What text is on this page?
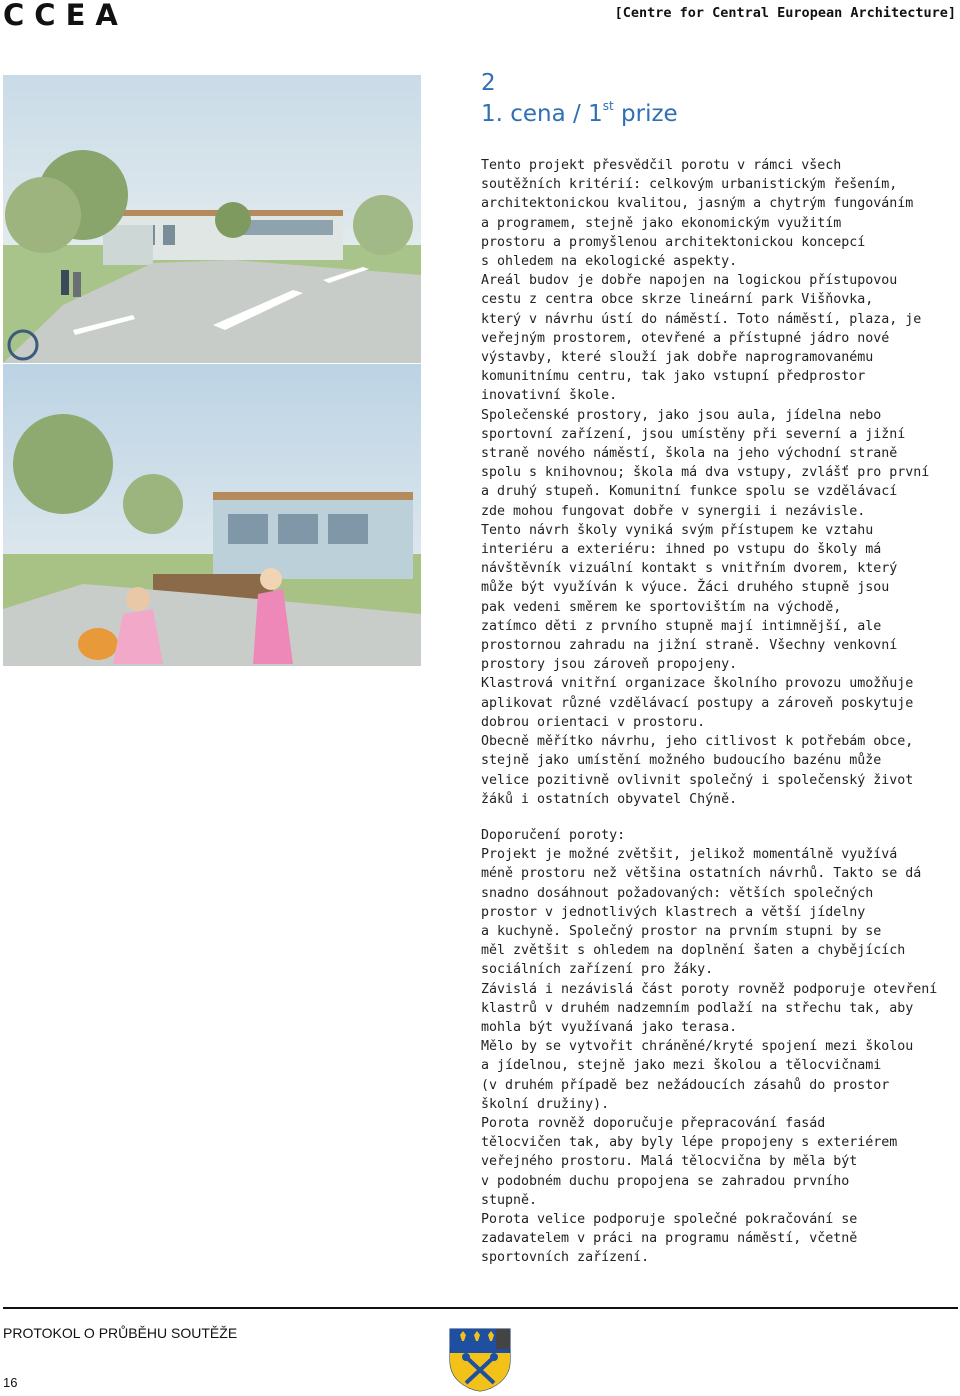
CCEA	[Centre for Central European Architecture]
2
1. cena / 1st prize

Tento projekt přesvědčil porotu v rámci všech
soutěžních kritérií: celkovým urbanistickým řešením,
architektonickou kvalitou, jasným a chytrým fungováním
a programem, stejně jako ekonomickým využitím
prostoru a promyšlenou architektonickou koncepcí
s ohledem na ekologické aspekty.

Areál budov je dobře napojen na logickou přístupovou
cestu z centra obce skrze lineární park Višňovka,
který v návrhu ústí do náměstí. Toto náměstí, plaza, je
veřejným prostorem, otevřené a přístupné jádro nové
výstavby, které slouží jak dobře naprogramovanému
komunitnímu centru, tak jako vstupní předprostor
inovativní škole.

Společenské prostory, jako jsou aula, jídelna nebo
sportovní zařízení, jsou umístěny při severní a jižní
straně nového náměstí, škola na jeho východní straně
spolu s knihovnou; škola má dva vstupy, zvlášť pro první
a druhý stupeň. Komunitní funkce spolu se vzdělávací
zde mohou fungovat dobře v synergii i nezávisle.

Tento návrh školy vyniká svým přístupem ke vztahu
interiéru a exteriéru: ihned po vstupu do školy má
návštěvník vizuální kontakt s vnitřním dvorem, který
může být využíván k výuce. Žáci druhého stupně jsou
pak vedeni směrem ke sportovištím na východě,
zatímco děti z prvního stupně mají intimnější, ale
prostornou zahradu na jižní straně. Všechny venkovní
prostory jsou zároveň propojeny.

Klastrová vnitřní organizace školního provozu umožňuje
aplikovat různé vzdělávací postupy a zároveň poskytuje
dobrou orientaci v prostoru.

Obecně měřítko návrhu, jeho citlivost k potřebám obce,
stejně jako umístění možného budoucího bazénu může
velice pozitivně ovlivnit společný i společenský život
žáků i ostatních obyvatel Chýně.

Doporučení poroty:

Projekt je možné zvětšit, jelikož momentálně využívá
méně prostoru než většina ostatních návrhů. Takto se dá
snadno dosáhnout požadovaných: větších společných
prostor v jednotlivých klastrech a větší jídelny
a kuchyně. Společný prostor na prvním stupni by se
měl zvětšit s ohledem na doplnění šaten a chybějících
sociálních zařízení pro žáky.

Závislá i nezávislá část poroty rovněž podporuje otevření
klastrů v druhém nadzemním podlaží na střechu tak, aby
mohla být využívaná jako terasa.

Mělo by se vytvořit chráněné/kryté spojení mezi školou
a jídelnou, stejně jako mezi školou a tělocvičnami
(v druhém případě bez nežádoucích zásahů do prostor
školní družiny).

Porota rovněž doporučuje přepracování fasád
tělocvičen tak, aby byly lépe propojeny s exteriérem
veřejného prostoru. Malá tělocvična by měla být
v podobném duchu propojena se zahradou prvního
stupně.

Porota velice podporuje společné pokračování se
zadavatelem v práci na programu náměstí, včetně
sportovních zařízení.

PROTOKOL O PRŮBĚHU SOUTĚŽE
16
